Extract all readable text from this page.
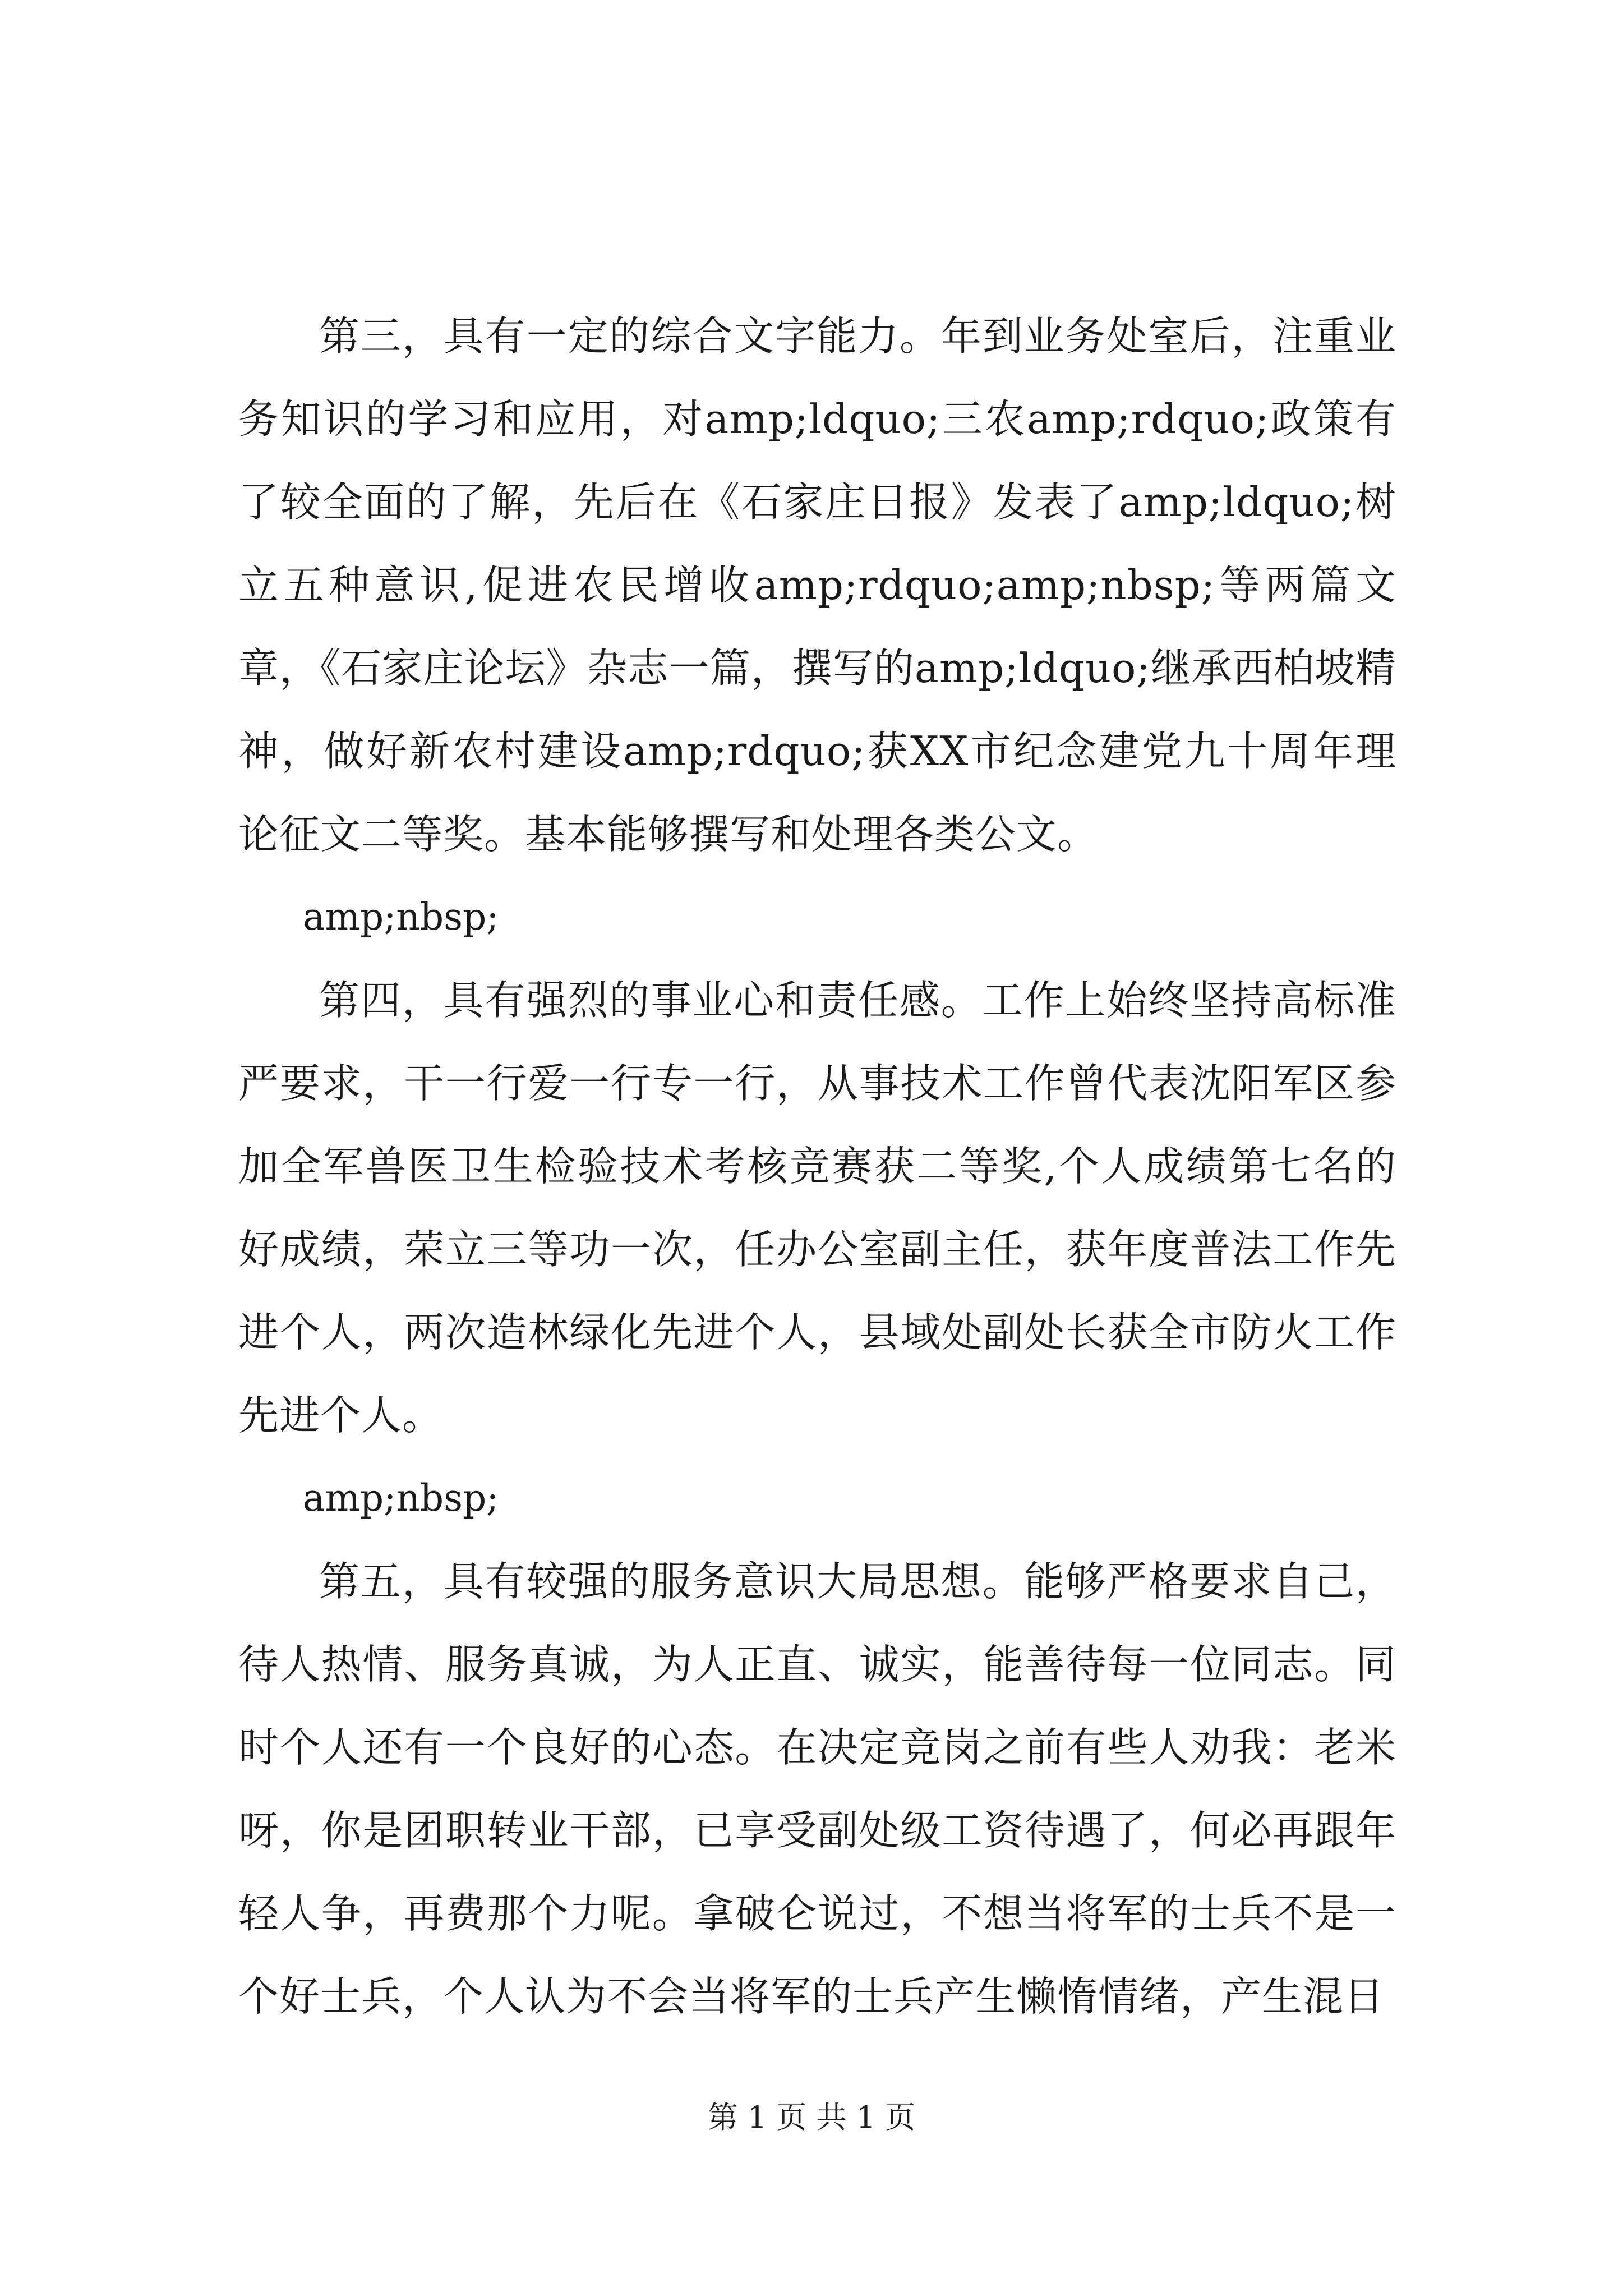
第三，具有一定的综合文字能力。年到业务处室后，注重业务知识的学习和应用，对amp;ldquo;三农amp;rdquo;政策有了较全面的了解，先后在《石家庄日报》发表了amp;ldquo;树立五种意识,促进农民增收amp;rdquo;amp;nbsp;等两篇文章，《石家庄论坛》杂志一篇，撰写的amp;ldquo;继承西柏坡精神，做好新农村建设amp;rdquo;获XX市纪念建党九十周年理论征文二等奖。基本能够撰写和处理各类公文。

amp;nbsp;

第四，具有强烈的事业心和责任感。工作上始终坚持高标准严要求，干一行爱一行专一行，从事技术工作曾代表沈阳军区参加全军兽医卫生检验技术考核竞赛获二等奖,个人成绩第七名的好成绩，荣立三等功一次，任办公室副主任，获年度普法工作先进个人，两次造林绿化先进个人，县域处副处长获全市防火工作先进个人。

amp;nbsp;

第五，具有较强的服务意识大局思想。能够严格要求自己，待人热情、服务真诚，为人正直、诚实，能善待每一位同志。同时个人还有一个良好的心态。在决定竞岗之前有些人劝我：老米呀，你是团职转业干部，已享受副处级工资待遇了，何必再跟年轻人争，再费那个力呢。拿破仑说过，不想当将军的士兵不是一个好士兵，个人认为不会当将军的士兵产生懒惰情绪，产生混日

第 1 页 共 1 页
